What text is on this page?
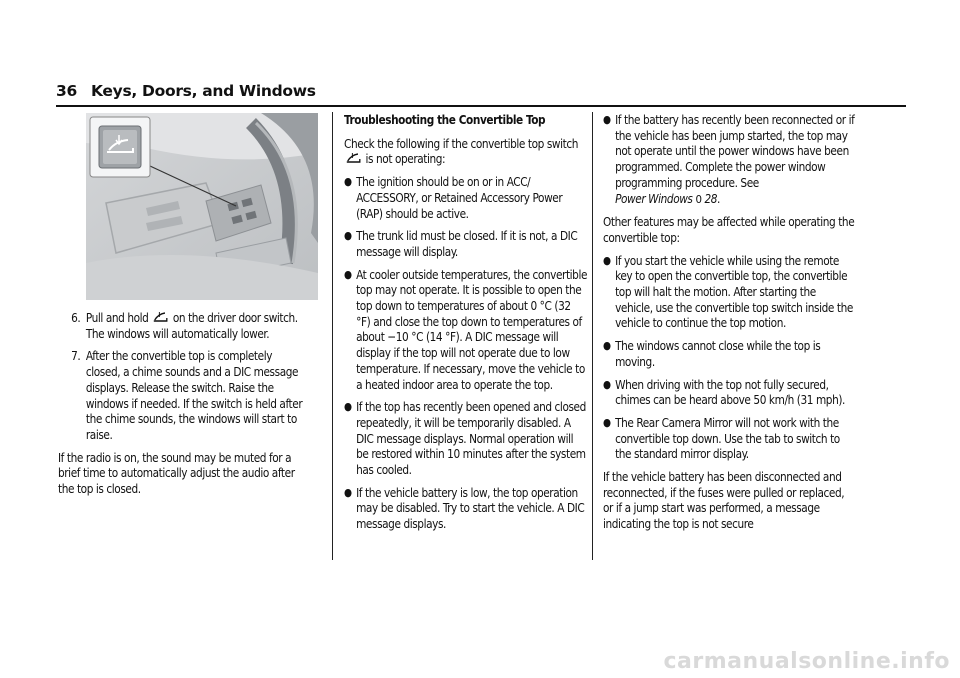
36 Keys, Doors, and Windows
6. Pull and hold on the driver door switch. The windows will automatically lower.
7. After the convertible top is completely closed, a chime sounds and a DIC message displays. Release the switch. Raise the windows if needed. If the switch is held after the chime sounds, the windows will start to raise.

If the radio is on, the sound may be muted for a brief time to automatically adjust the audio after the top is closed.

Troubleshooting the Convertible Top

Check the following if the convertible top switch  is not operating:

● The ignition should be on or in ACC/ ACCESSORY, or Retained Accessory Power (RAP) should be active.
● The trunk lid must be closed. If it is not, a DIC message will display.
● At cooler outside temperatures, the convertible top may not operate. It is possible to open the top down to temperatures of about 0 °C (32 °F) and close the top down to temperatures of about −10 °C (14 °F). A DIC message will display if the top will not operate due to low temperature. If necessary, move the vehicle to a heated indoor area to operate the top.
● If the top has recently been opened and closed repeatedly, it will be temporarily disabled. A DIC message displays. Normal operation will be restored within 10 minutes after the system has cooled.
● If the vehicle battery is low, the top operation may be disabled. Try to start the vehicle. A DIC message displays.
● If the battery has recently been reconnected or if the vehicle has been jump started, the top may not operate until the power windows have been programmed. Complete the power window programming procedure. See
Power Windows 0 28.

Other features may be affected while operating the convertible top:

● If you start the vehicle while using the remote key to open the convertible top, the convertible top will halt the motion. After starting the vehicle, use the convertible top switch inside the vehicle to continue the top motion.
● The windows cannot close while the top is moving.
● When driving with the top not fully secured, chimes can be heard above 50 km/h (31 mph).
● The Rear Camera Mirror will not work with the convertible top down. Use the tab to switch to the standard mirror display.

If the vehicle battery has been disconnected and reconnected, if the fuses were pulled or replaced, or if a jump start was performed, a message indicating the top is not secure

carmanualsonline.info
